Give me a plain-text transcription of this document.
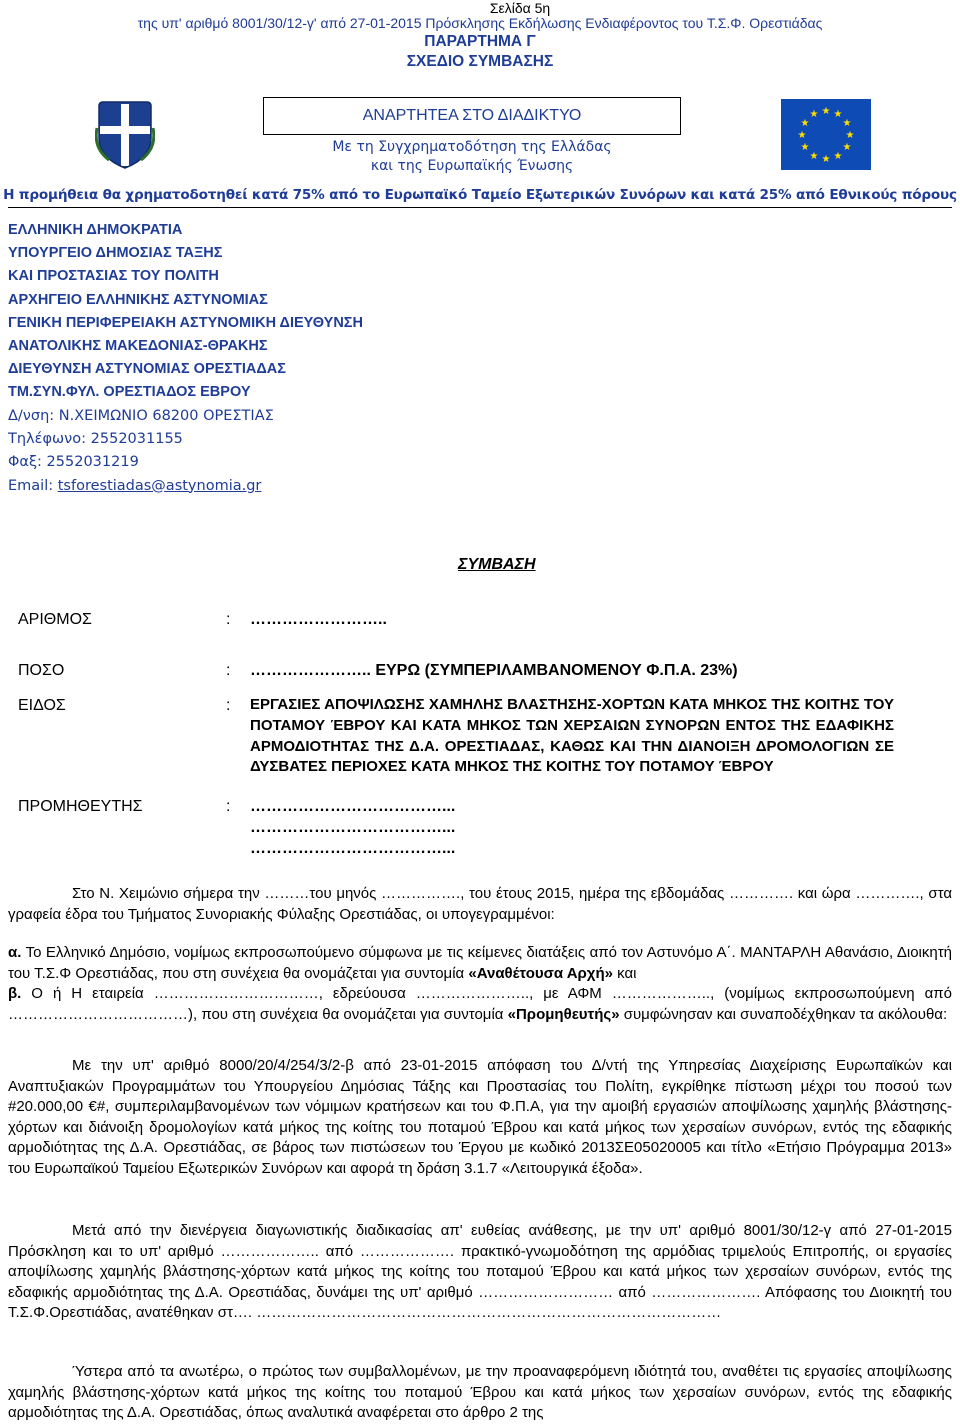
Σελίδα 5η
της υπ' αριθμό 8001/30/12-γ' από 27-01-2015 Πρόσκλησης Εκδήλωσης Ενδιαφέροντος του Τ.Σ.Φ. Ορεστιάδας
ΠΑΡΑΡΤΗΜΑ Γ
ΣΧΕΔΙΟ ΣΥΜΒΑΣΗΣ
ΑΝΑΡΤΗΤΕΑ ΣΤΟ ΔΙΑΔΙΚΤΥΟ
Με τη Συγχρηματοδότηση της Ελλάδας
και της Ευρωπαϊκής Ένωσης
★ ★
★
★
★
★
★
★
★
★
★
★
Η προμήθεια θα χρηματοδοτηθεί κατά 75% από το Ευρωπαϊκό Ταμείο Εξωτερικών Συνόρων και κατά 25% από Εθνικούς πόρους
ΕΛΛΗΝΙΚΗ ΔΗΜΟΚΡΑΤΙΑ
ΥΠΟΥΡΓΕΙΟ ΔΗΜΟΣΙΑΣ ΤΑΞΗΣ
ΚΑΙ ΠΡΟΣΤΑΣΙΑΣ ΤΟΥ ΠΟΛΙΤΗ
ΑΡΧΗΓΕΙΟ ΕΛΛΗΝΙΚΗΣ ΑΣΤΥΝΟΜΙΑΣ
ΓΕΝΙΚΗ ΠΕΡΙΦΕΡΕΙΑΚΗ ΑΣΤΥΝΟΜΙΚΗ ΔΙΕΥΘΥΝΣΗ
ΑΝΑΤΟΛΙΚΗΣ ΜΑΚΕΔΟΝΙΑΣ-ΘΡΑΚΗΣ
ΔΙΕΥΘΥΝΣΗ ΑΣΤΥΝΟΜΙΑΣ ΟΡΕΣΤΙΑΔΑΣ
ΤΜ.ΣΥΝ.ΦΥΛ. ΟΡΕΣΤΙΑΔΟΣ ΕΒΡΟΥ
Δ/νση: Ν.ΧΕΙΜΩΝΙΟ 68200 ΟΡΕΣΤΙΑΣ
Τηλέφωνο: 2552031155
Φαξ: 2552031219
Email: tsforestiadas@astynomia.gr
ΣΥΜΒΑΣΗ
ΑΡΙΘΜΟΣ	: ……………………..
ΠΟΣΟ	: ………………….. ΕΥΡΩ (ΣΥΜΠΕΡΙΛΑΜΒΑΝΟΜΕΝΟΥ Φ.Π.Α. 23%)
ΕΙΔΟΣ	: ΕΡΓΑΣΙΕΣ ΑΠΟΨΙΛΩΣΗΣ ΧΑΜΗΛΗΣ ΒΛΑΣΤΗΣΗΣ-ΧΟΡΤΩΝ ΚΑΤΑ ΜΗΚΟΣ ΤΗΣ ΚΟΙΤΗΣ ΤΟΥ ΠΟΤΑΜΟΥ ΈΒΡΟΥ ΚΑΙ ΚΑΤΑ ΜΗΚΟΣ ΤΩΝ ΧΕΡΣΑΙΩΝ ΣΥΝΟΡΩΝ ΕΝΤΟΣ ΤΗΣ ΕΔΑΦΙΚΗΣ ΑΡΜΟΔΙΟΤΗΤΑΣ ΤΗΣ Δ.Α. ΟΡΕΣΤΙΑΔΑΣ, ΚΑΘΩΣ ΚΑΙ ΤΗΝ ΔΙΑΝΟΙΞΗ ΔΡΟΜΟΛΟΓΙΩΝ ΣΕ ΔΥΣΒΑΤΕΣ ΠΕΡΙΟΧΕΣ ΚΑΤΑ ΜΗΚΟΣ ΤΗΣ ΚΟΙΤΗΣ ΤΟΥ ΠΟΤΑΜΟΥ ΈΒΡΟΥ
ΠΡΟΜΗΘΕΥΤΗΣ	: ………………………………...
………………………………...
………………………………...
Στο Ν. Χειμώνιο σήμερα την ………του μηνός ……………., του έτους 2015, ημέρα της εβδομάδας …………. και ώρα …………., στα γραφεία έδρα του Τμήματος Συνοριακής Φύλαξης Ορεστιάδας, οι υπογεγραμμένοι:

α. Το Ελληνικό Δημόσιο, νομίμως εκπροσωπούμενο σύμφωνα με τις κείμενες διατάξεις από τον Αστυνόμο Α΄. ΜΑΝΤΑΡΛΗ Αθανάσιο, Διοικητή του Τ.Σ.Φ Ορεστιάδας, που στη συνέχεια θα ονομάζεται για συντομία «Αναθέτουσα Αρχή» και

β. Ο ή Η εταιρεία ……………………………, εδρεύουσα ………………….., με ΑΦΜ ……………….., (νομίμως εκπροσωπούμενη από ………………………………), που στη συνέχεια θα ονομάζεται για συντομία «Προμηθευτής» συμφώνησαν και συναποδέχθηκαν τα ακόλουθα:

Με την υπ' αριθμό 8000/20/4/254/3/2-β από 23-01-2015 απόφαση του Δ/ντή της Υπηρεσίας Διαχείρισης Ευρωπαϊκών και Αναπτυξιακών Προγραμμάτων του Υπουργείου Δημόσιας Τάξης και Προστασίας του Πολίτη, εγκρίθηκε πίστωση μέχρι του ποσού των #20.000,00 €#, συμπεριλαμβανομένων των νόμιμων κρατήσεων και του Φ.Π.Α, για την αμοιβή εργασιών αποψίλωσης χαμηλής βλάστησης-χόρτων και διάνοιξη δρομολογίων κατά μήκος της κοίτης του ποταμού Έβρου και κατά μήκος των χερσαίων συνόρων, εντός της εδαφικής αρμοδιότητας της Δ.Α. Ορεστιάδας, σε βάρος των πιστώσεων του Έργου με κωδικό 2013ΣΕ05020005 και τίτλο «Ετήσιο Πρόγραμμα 2013» του Ευρωπαϊκού Ταμείου Εξωτερικών Συνόρων και αφορά τη δράση 3.1.7 «Λειτουργικά έξοδα».
Μετά από την διενέργεια διαγωνιστικής διαδικασίας απ' ευθείας ανάθεσης, με την υπ' αριθμό 8001/30/12-γ από 27-01-2015 Πρόσκληση και το υπ' αριθμό ……………….. από ………………. πρακτικό-γνωμοδότηση της αρμόδιας τριμελούς Επιτροπής, οι εργασίες αποψίλωσης χαμηλής βλάστησης-χόρτων κατά μήκος της κοίτης του ποταμού Έβρου και κατά μήκος των χερσαίων συνόρων, εντός της εδαφικής αρμοδιότητας της Δ.Α. Ορεστιάδας, δυνάμει της υπ' αριθμό ……………………… από …………………. Απόφασης του Διοικητή του Τ.Σ.Φ.Ορεστιάδας, ανατέθηκαν στ…. …………………………………………………………………………………
Ύστερα από τα ανωτέρω, ο πρώτος των συμβαλλομένων, με την προαναφερόμενη ιδιότητά του, αναθέτει τις εργασίες αποψίλωσης χαμηλής βλάστησης-χόρτων κατά μήκος της κοίτης του ποταμού Έβρου και κατά μήκος των χερσαίων συνόρων, εντός της εδαφικής αρμοδιότητας της Δ.Α. Ορεστιάδας, όπως αναλυτικά αναφέρεται στο άρθρο 2 της
